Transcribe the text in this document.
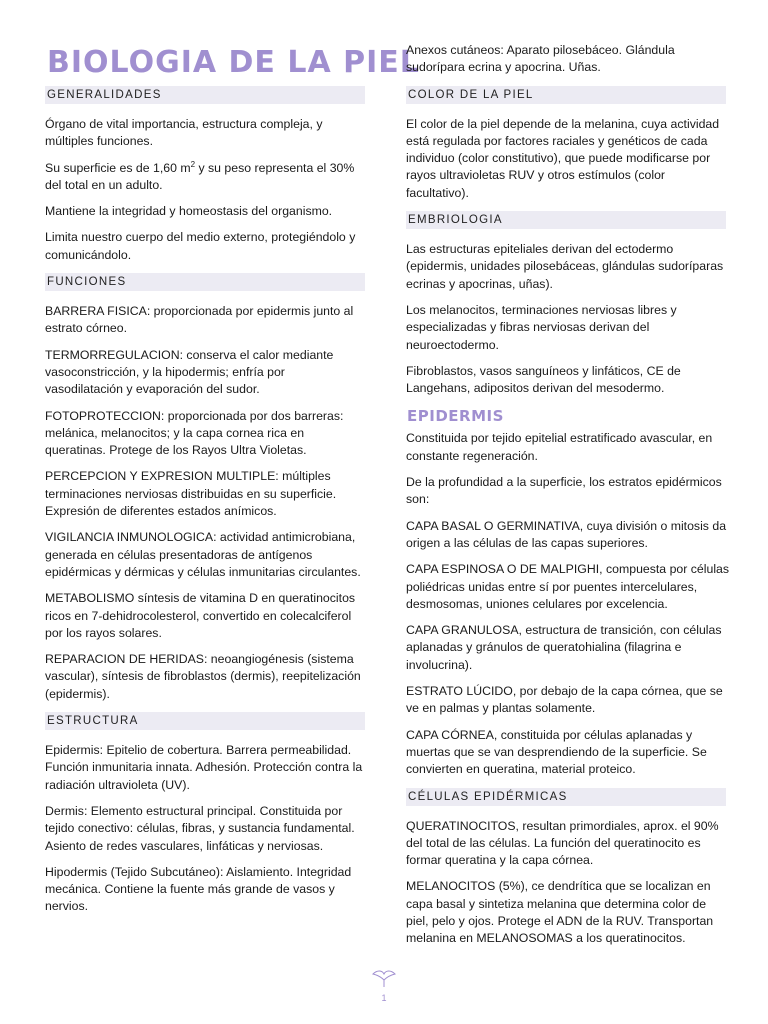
BIOLOGIA DE LA PIEL
GENERALIDADES

Órgano de vital importancia, estructura compleja, y múltiples funciones.

Su superficie es de 1,60 $m^2$ y su peso representa el 30% del total en un adulto.

Mantiene la integridad y homeostasis del organismo.

Limita nuestro cuerpo del medio externo, protegiéndolo y comunicándolo.

FUNCIONES

BARRERA FISICA: proporcionada por epidermis junto al estrato córneo.

TERMORREGULACION: conserva el calor mediante vasoconstricción, y la hipodermis; enfría por vasodilatación y evaporación del sudor.

FOTOPROTECCION: proporcionada por dos barreras: melánica, melanocitos; y la capa cornea rica en queratinas. Protege de los Rayos Ultra Violetas.

PERCEPCION Y EXPRESION MULTIPLE: múltiples terminaciones nerviosas distribuidas en su superficie. Expresión de diferentes estados anímicos.

VIGILANCIA INMUNOLOGICA: actividad antimicrobiana, generada en células presentadoras de antígenos epidérmicas y dérmicas y células inmunitarias circulantes.

METABOLISMO síntesis de vitamina D en queratinocitos ricos en 7-dehidrocolesterol, convertido en colecalciferol por los rayos solares.

REPARACION DE HERIDAS: neoangiogénesis (sistema vascular), síntesis de fibroblastos (dermis), reepitelización (epidermis).

ESTRUCTURA

Epidermis: Epitelio de cobertura. Barrera permeabilidad. Función inmunitaria innata. Adhesión. Protección contra la radiación ultravioleta (UV).

Dermis: Elemento estructural principal. Constituida por tejido conectivo: células, fibras, y sustancia fundamental. Asiento de redes vasculares, linfáticas y nerviosas.

Hipodermis (Tejido Subcutáneo): Aislamiento. Integridad mecánica. Contiene la fuente más grande de vasos y nervios.

Anexos cutáneos: Aparato pilosebáceo. Glándula sudorípara ecrina y apocrina. Uñas.

COLOR DE LA PIEL

El color de la piel depende de la melanina, cuya actividad está regulada por factores raciales y genéticos de cada individuo (color constitutivo), que puede modificarse por rayos ultravioletas RUV y otros estímulos (color facultativo).

EMBRIOLOGIA

Las estructuras epiteliales derivan del ectodermo (epidermis, unidades pilosebáceas, glándulas sudoríparas ecrinas y apocrinas, uñas).

Los melanocitos, terminaciones nerviosas libres y especializadas y fibras nerviosas derivan del neuroectodermo.

Fibroblastos, vasos sanguíneos y linfáticos, CE de Langehans, adipositos derivan del mesodermo.

EPIDERMIS

Constituida por tejido epitelial estratificado avascular, en constante regeneración.

De la profundidad a la superficie, los estratos epidérmicos son:

CAPA BASAL O GERMINATIVA, cuya división o mitosis da origen a las células de las capas superiores.

CAPA ESPINOSA O DE MALPIGHI, compuesta por células poliédricas unidas entre sí por puentes intercelulares, desmosomas, uniones celulares por excelencia.

CAPA GRANULOSA, estructura de transición, con células aplanadas y gránulos de queratohialina (filagrina e involucrina).

ESTRATO LÚCIDO, por debajo de la capa córnea, que se ve en palmas y plantas solamente.

CAPA CÓRNEA, constituida por células aplanadas y muertas que se van desprendiendo de la superficie. Se convierten en queratina, material proteico.

CÉLULAS EPIDÉRMICAS

QUERATINOCITOS, resultan primordiales, aprox. el 90% del total de las células. La función del queratinocito es formar queratina y la capa córnea.

MELANOCITOS (5%), ce dendrítica que se localizan en capa basal y sintetiza melanina que determina color de piel, pelo y ojos. Protege el ADN de la RUV. Transportan melanina en MELANOSOMAS a los queratinocitos.

1
